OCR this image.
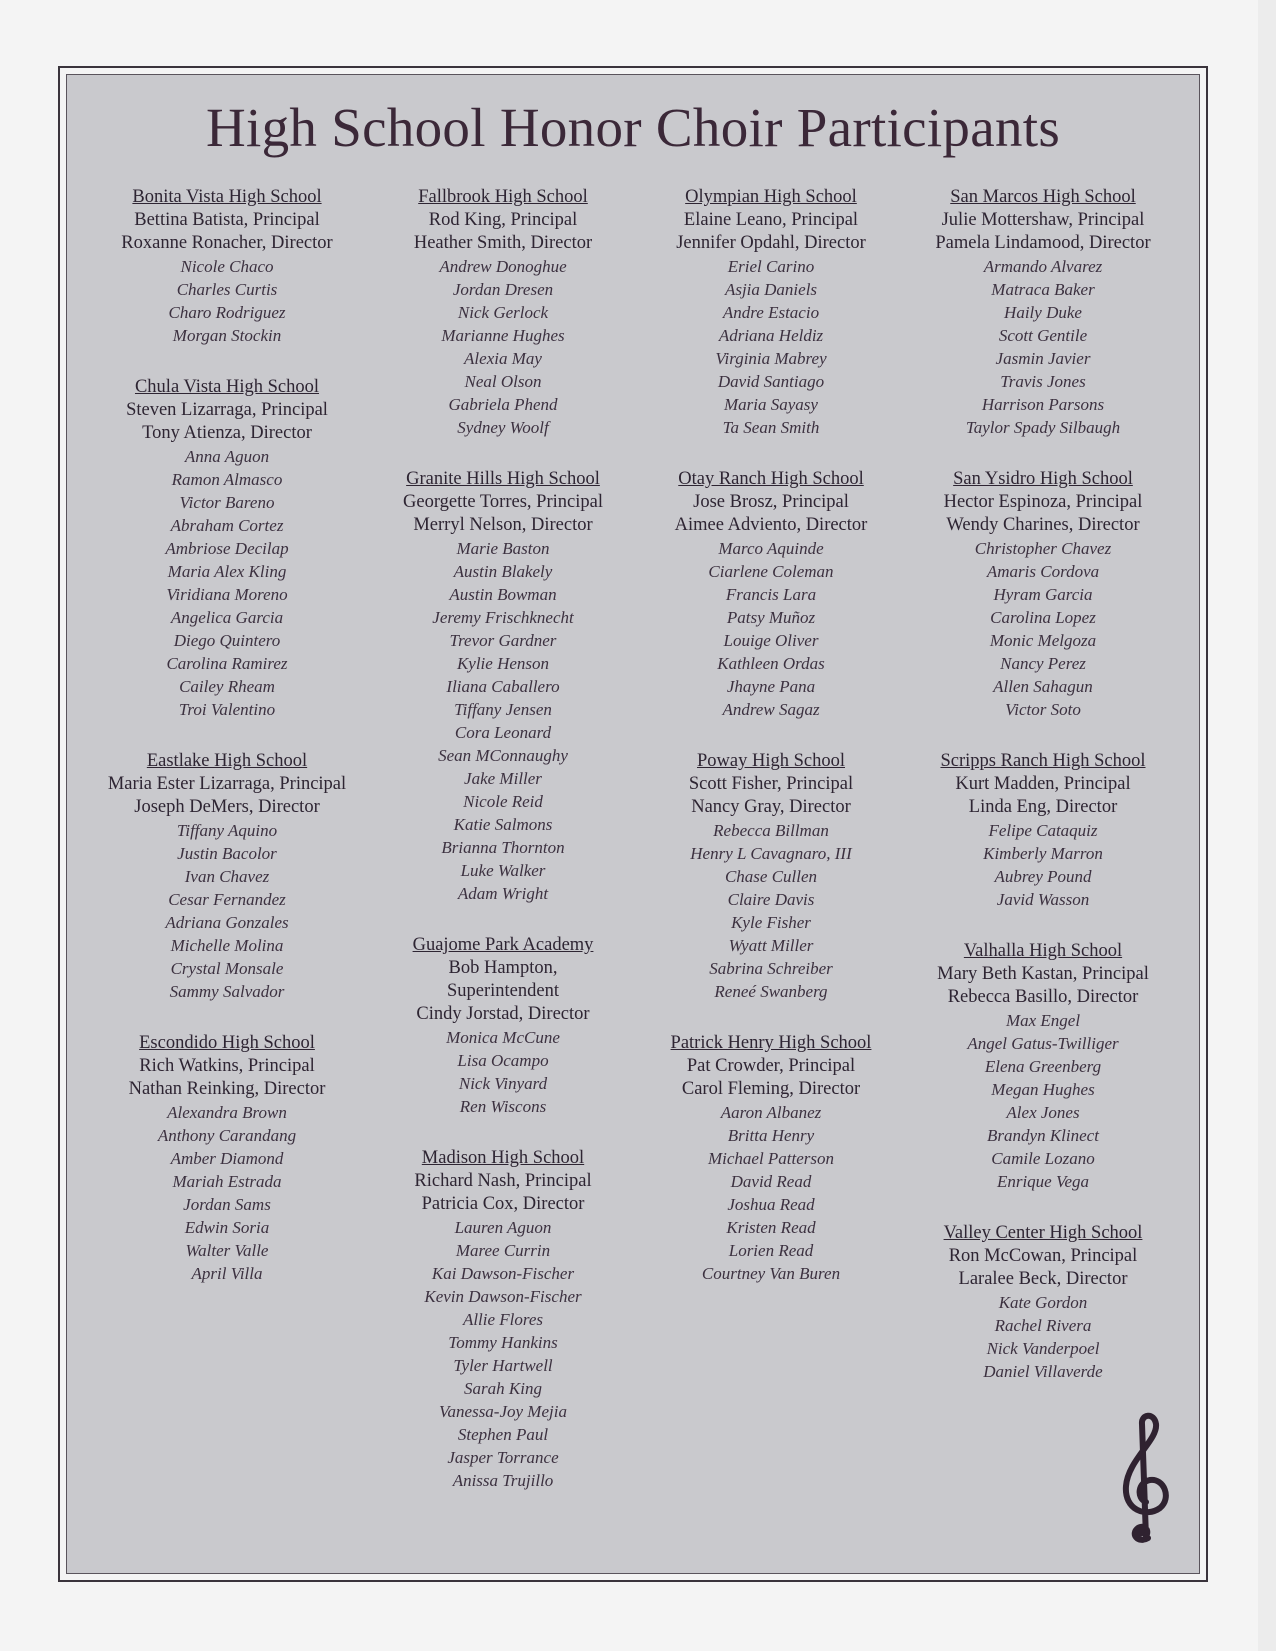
High School Honor Choir Participants
Bonita Vista High School
Bettina Batista, Principal
Roxanne Ronacher, Director
Nicole Chaco
Charles Curtis
Charo Rodriguez
Morgan Stockin
Chula Vista High School
Steven Lizarraga, Principal
Tony Atienza, Director
Anna Aguon
Ramon Almasco
Victor Bareno
Abraham Cortez
Ambriose Decilap
Maria Alex Kling
Viridiana Moreno
Angelica Garcia
Diego Quintero
Carolina Ramirez
Cailey Rheam
Troi Valentino
Eastlake High School
Maria Ester Lizarraga, Principal
Joseph DeMers, Director
Tiffany Aquino
Justin Bacolor
Ivan Chavez
Cesar Fernandez
Adriana Gonzales
Michelle Molina
Crystal Monsale
Sammy Salvador
Escondido High School
Rich Watkins, Principal
Nathan Reinking, Director
Alexandra Brown
Anthony Carandang
Amber Diamond
Mariah Estrada
Jordan Sams
Edwin Soria
Walter Valle
April Villa
Fallbrook High School
Rod King, Principal
Heather Smith, Director
Andrew Donoghue
Jordan Dresen
Nick Gerlock
Marianne Hughes
Alexia May
Neal Olson
Gabriela Phend
Sydney Woolf
Granite Hills High School
Georgette Torres, Principal
Merryl Nelson, Director
Marie Baston
Austin Blakely
Austin Bowman
Jeremy Frischknecht
Trevor Gardner
Kylie Henson
Iliana Caballero
Tiffany Jensen
Cora Leonard
Sean MConnaughy
Jake Miller
Nicole Reid
Katie Salmons
Brianna Thornton
Luke Walker
Adam Wright
Guajome Park Academy
Bob Hampton,
Superintendent
Cindy Jorstad, Director
Monica McCune
Lisa Ocampo
Nick Vinyard
Ren Wiscons
Madison High School
Richard Nash, Principal
Patricia Cox, Director
Lauren Aguon
Maree Currin
Kai Dawson-Fischer
Kevin Dawson-Fischer
Allie Flores
Tommy Hankins
Tyler Hartwell
Sarah King
Vanessa-Joy Mejia
Stephen Paul
Jasper Torrance
Anissa Trujillo
Olympian High School
Elaine Leano, Principal
Jennifer Opdahl, Director
Eriel Carino
Asjia Daniels
Andre Estacio
Adriana Heldiz
Virginia Mabrey
David Santiago
Maria Sayasy
Ta Sean Smith
Otay Ranch High School
Jose Brosz, Principal
Aimee Adviento, Director
Marco Aquinde
Ciarlene Coleman
Francis Lara
Patsy Muñoz
Louige Oliver
Kathleen Ordas
Jhayne Pana
Andrew Sagaz
Poway High School
Scott Fisher, Principal
Nancy Gray, Director
Rebecca Billman
Henry L Cavagnaro, III
Chase Cullen
Claire Davis
Kyle Fisher
Wyatt Miller
Sabrina Schreiber
Reneé Swanberg
Patrick Henry High School
Pat Crowder, Principal
Carol Fleming, Director
Aaron Albanez
Britta Henry
Michael Patterson
David Read
Joshua Read
Kristen Read
Lorien Read
Courtney Van Buren
San Marcos High School
Julie Mottershaw, Principal
Pamela Lindamood, Director
Armando Alvarez
Matraca Baker
Haily Duke
Scott Gentile
Jasmin Javier
Travis Jones
Harrison Parsons
Taylor Spady Silbaugh
San Ysidro High School
Hector Espinoza, Principal
Wendy Charines, Director
Christopher Chavez
Amaris Cordova
Hyram Garcia
Carolina Lopez
Monic Melgoza
Nancy Perez
Allen Sahagun
Victor Soto
Scripps Ranch High School
Kurt Madden, Principal
Linda Eng, Director
Felipe Cataquiz
Kimberly Marron
Aubrey Pound
Javid Wasson
Valhalla High School
Mary Beth Kastan, Principal
Rebecca Basillo, Director
Max Engel
Angel Gatus-Twilliger
Elena Greenberg
Megan Hughes
Alex Jones
Brandyn Klinect
Camile Lozano
Enrique Vega
Valley Center High School
Ron McCowan, Principal
Laralee Beck, Director
Kate Gordon
Rachel Rivera
Nick Vanderpoel
Daniel Villaverde
